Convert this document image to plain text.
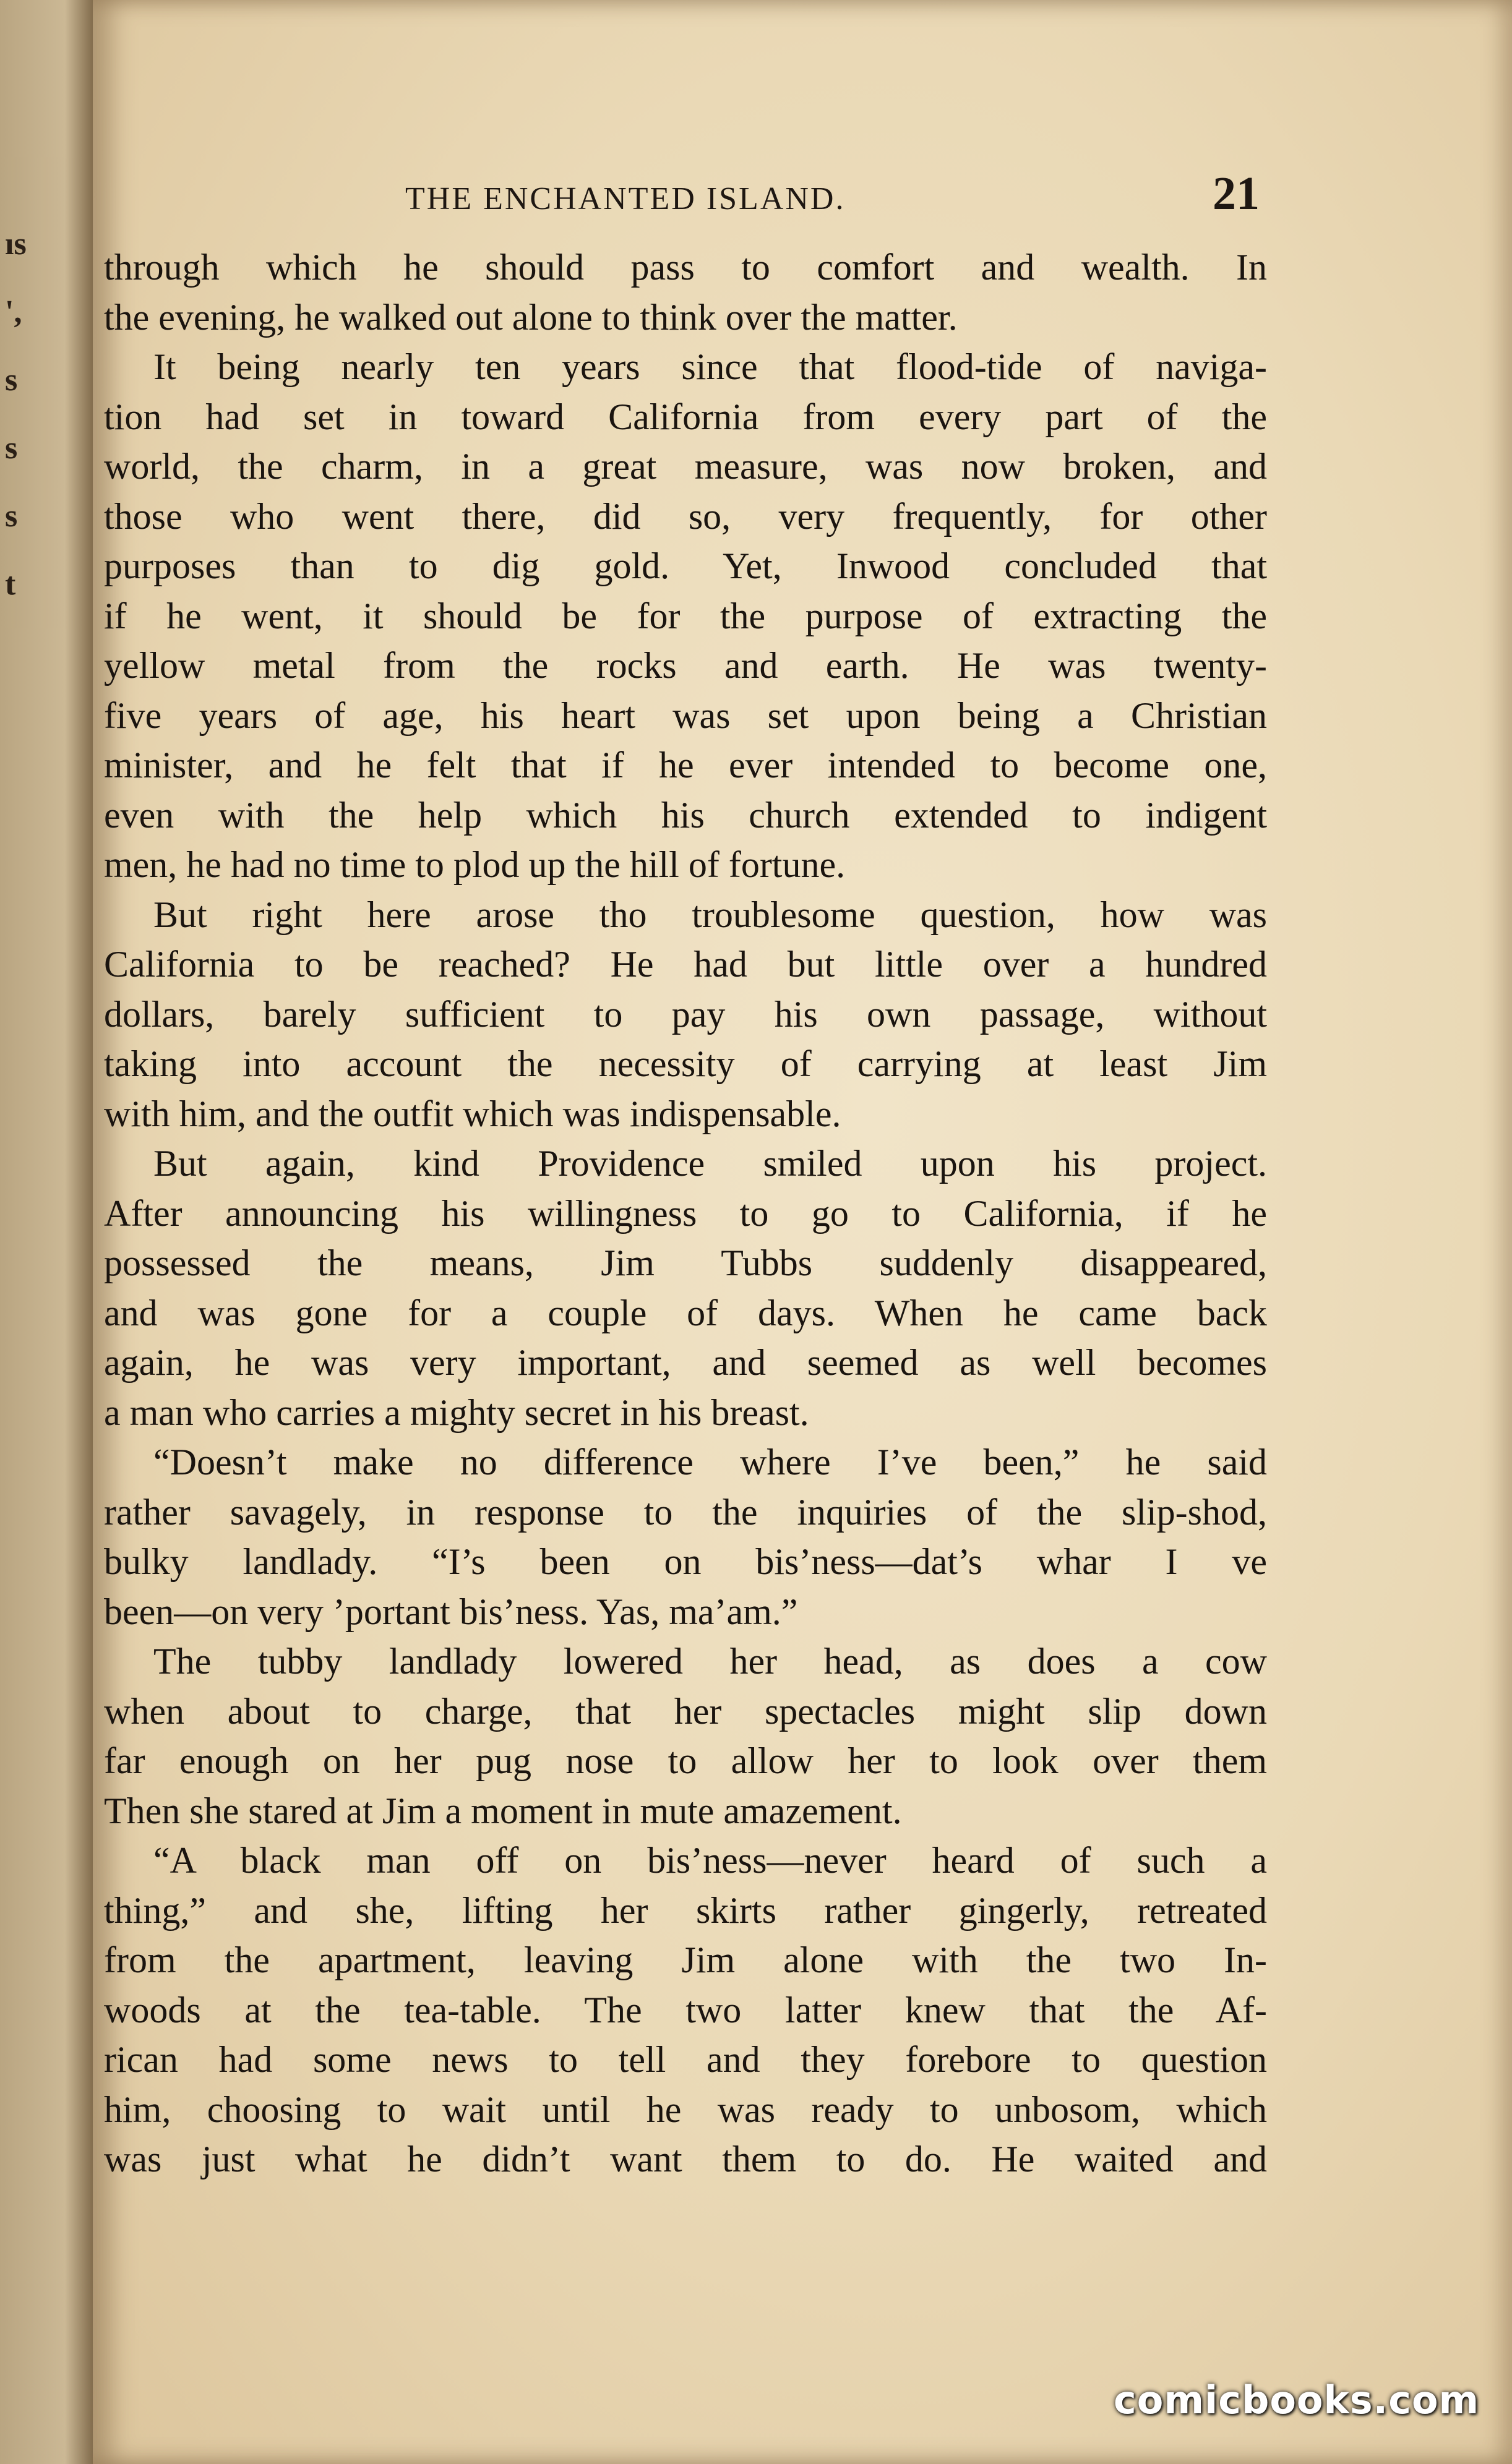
ıs
',
s
s
s
t
THE ENCHANTED ISLAND.	21
through which he should pass to comfort and wealth. In
the evening, he walked out alone to think over the matter.
It being nearly ten years since that flood-tide of naviga-
tion had set in toward California from every part of the
world, the charm, in a great measure, was now broken, and
those who went there, did so, very frequently, for other
purposes than to dig gold. Yet, Inwood concluded that
if he went, it should be for the purpose of extracting the
yellow metal from the rocks and earth. He was twenty-
five years of age, his heart was set upon being a Christian
minister, and he felt that if he ever intended to become one,
even with the help which his church extended to indigent
men, he had no time to plod up the hill of fortune.
But right here arose tho troublesome question, how was
California to be reached? He had but little over a hundred
dollars, barely sufficient to pay his own passage, without
taking into account the necessity of carrying at least Jim
with him, and the outfit which was indispensable.
But again, kind Providence smiled upon his project.
After announcing his willingness to go to California, if he
possessed the means, Jim Tubbs suddenly disappeared,
and was gone for a couple of days. When he came back
again, he was very important, and seemed as well becomes
a man who carries a mighty secret in his breast.
“Doesn’t make no difference where I’ve been,” he said
rather savagely, in response to the inquiries of the slip-shod,
bulky landlady. “I’s been on bis’ness—dat’s whar I ve
been—on very ’portant bis’ness. Yas, ma’am.”
The tubby landlady lowered her head, as does a cow
when about to charge, that her spectacles might slip down
far enough on her pug nose to allow her to look over them
Then she stared at Jim a moment in mute amazement.
“A black man off on bis’ness—never heard of such a
thing,” and she, lifting her skirts rather gingerly, retreated
from the apartment, leaving Jim alone with the two In-
woods at the tea-table. The two latter knew that the Af-
rican had some news to tell and they forebore to question
him, choosing to wait until he was ready to unbosom, which
was just what he didn’t want them to do. He waited and
comicbooks.com
